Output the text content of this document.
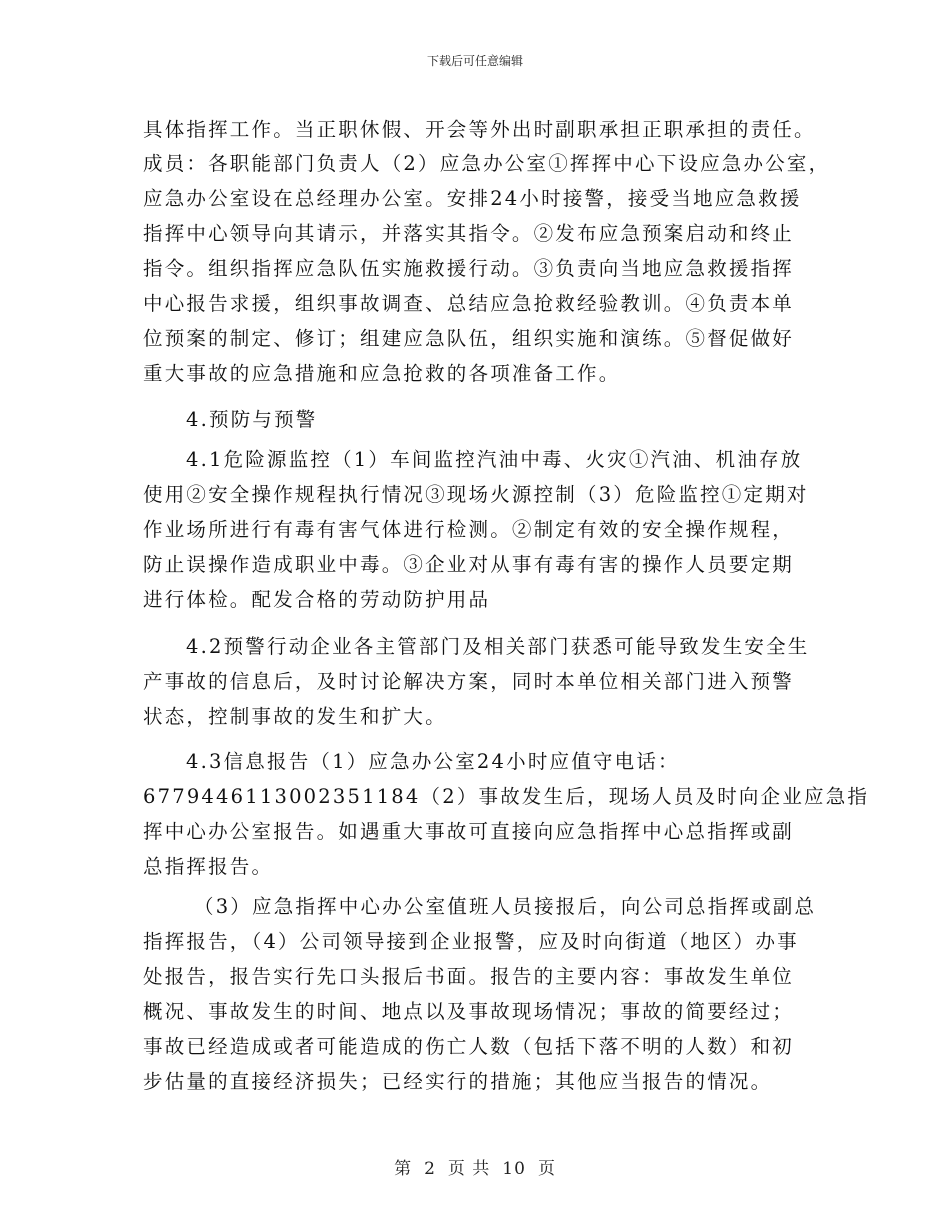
下载后可任意编辑
具体指挥工作。当正职休假、开会等外出时副职承担正职承担的责任。
成员：各职能部门负责人（2）应急办公室①挥挥中心下设应急办公室，
应急办公室设在总经理办公室。安排24小时接警，接受当地应急救援
指挥中心领导向其请示，并落实其指令。②发布应急预案启动和终止
指令。组织指挥应急队伍实施救援行动。③负责向当地应急救援指挥
中心报告求援，组织事故调查、总结应急抢救经验教训。④负责本单
位预案的制定、修订；组建应急队伍，组织实施和演练。⑤督促做好
重大事故的应急措施和应急抢救的各项准备工作。
4.预防与预警
4.1危险源监控（1）车间监控汽油中毒、火灾①汽油、机油存放
使用②安全操作规程执行情况③现场火源控制（3）危险监控①定期对
作业场所进行有毒有害气体进行检测。②制定有效的安全操作规程，
防止误操作造成职业中毒。③企业对从事有毒有害的操作人员要定期
进行体检。配发合格的劳动防护用品
4.2预警行动企业各主管部门及相关部门获悉可能导致发生安全生
产事故的信息后，及时讨论解决方案，同时本单位相关部门进入预警
状态，控制事故的发生和扩大。
4.3信息报告（1）应急办公室24小时应值守电话：
6779446113002351184（2）事故发生后，现场人员及时向企业应急指
挥中心办公室报告。如遇重大事故可直接向应急指挥中心总指挥或副
总指挥报告。
（3）应急指挥中心办公室值班人员接报后，向公司总指挥或副总
指挥报告，（4）公司领导接到企业报警，应及时向街道（地区）办事
处报告，报告实行先口头报后书面。报告的主要内容：事故发生单位
概况、事故发生的时间、地点以及事故现场情况；事故的简要经过；
事故已经造成或者可能造成的伤亡人数（包括下落不明的人数）和初
步估量的直接经济损失；已经实行的措施；其他应当报告的情况。
第 2 页 共 10 页
